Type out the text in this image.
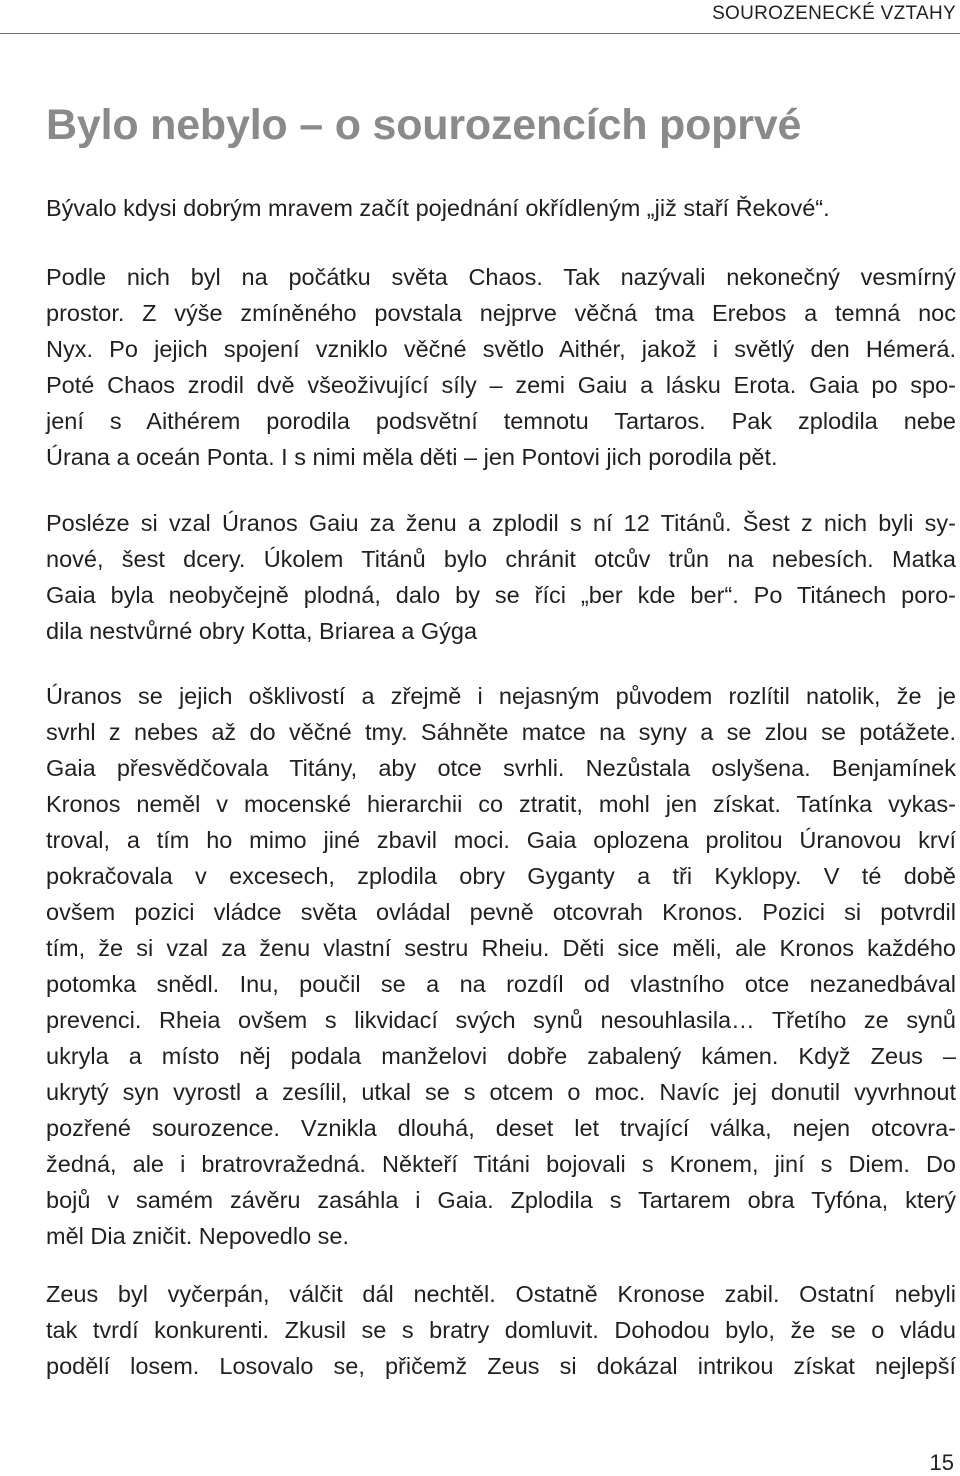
SOUROZENECKÉ VZTAHY
Bylo nebylo – o sourozencích poprvé
Bývalo kdysi dobrým mravem začít pojednání okřídleným „již staří Řekové“.
Podle nich byl na počátku světa Chaos. Tak nazývali nekonečný vesmírný
prostor. Z výše zmíněného povstala nejprve věčná tma Erebos a temná noc
Nyx. Po jejich spojení vzniklo věčné světlo Aithér, jakož i světlý den Hémerá.
Poté Chaos zrodil dvě všeoživující síly – zemi Gaiu a lásku Erota. Gaia po spo-
jení s Aithérem porodila podsvětní temnotu Tartaros. Pak zplodila nebe
Úrana a oceán Ponta. I s nimi měla děti – jen Pontovi jich porodila pět.
Posléze si vzal Úranos Gaiu za ženu a zplodil s ní 12 Titánů. Šest z nich byli sy-
nové, šest dcery. Úkolem Titánů bylo chránit otcův trůn na nebesích. Matka
Gaia byla neobyčejně plodná, dalo by se říci „ber kde ber“. Po Titánech poro-
dila nestvůrné obry Kotta, Briarea a Gýga
Úranos se jejich ošklivostí a zřejmě i nejasným původem rozlítil natolik, že je
svrhl z nebes až do věčné tmy. Sáhněte matce na syny a se zlou se potážete.
Gaia přesvědčovala Titány, aby otce svrhli. Nezůstala oslyšena. Benjamínek
Kronos neměl v mocenské hierarchii co ztratit, mohl jen získat. Tatínka vykas-
troval, a tím ho mimo jiné zbavil moci. Gaia oplozena prolitou Úranovou krví
pokračovala v excesech, zplodila obry Gyganty a tři Kyklopy. V té době
ovšem pozici vládce světa ovládal pevně otcovrah Kronos. Pozici si potvrdil
tím, že si vzal za ženu vlastní sestru Rheiu. Děti sice měli, ale Kronos každého
potomka snědl. Inu, poučil se a na rozdíl od vlastního otce nezanedbával
prevenci. Rheia ovšem s likvidací svých synů nesouhlasila… Třetího ze synů
ukryla a místo něj podala manželovi dobře zabalený kámen. Když Zeus –
ukrytý syn vyrostl a zesílil, utkal se s otcem o moc. Navíc jej donutil vyvrhnout
pozřené sourozence. Vznikla dlouhá, deset let trvající válka, nejen otcovra-
žedná, ale i bratrovražedná. Někteří Titáni bojovali s Kronem, jiní s Diem. Do
bojů v samém závěru zasáhla i Gaia. Zplodila s Tartarem obra Tyfóna, který
měl Dia zničit. Nepovedlo se.
Zeus byl vyčerpán, válčit dál nechtěl. Ostatně Kronose zabil. Ostatní nebyli
tak tvrdí konkurenti. Zkusil se s bratry domluvit. Dohodou bylo, že se o vládu
podělí losem. Losovalo se, přičemž Zeus si dokázal intrikou získat nejlepší
15
